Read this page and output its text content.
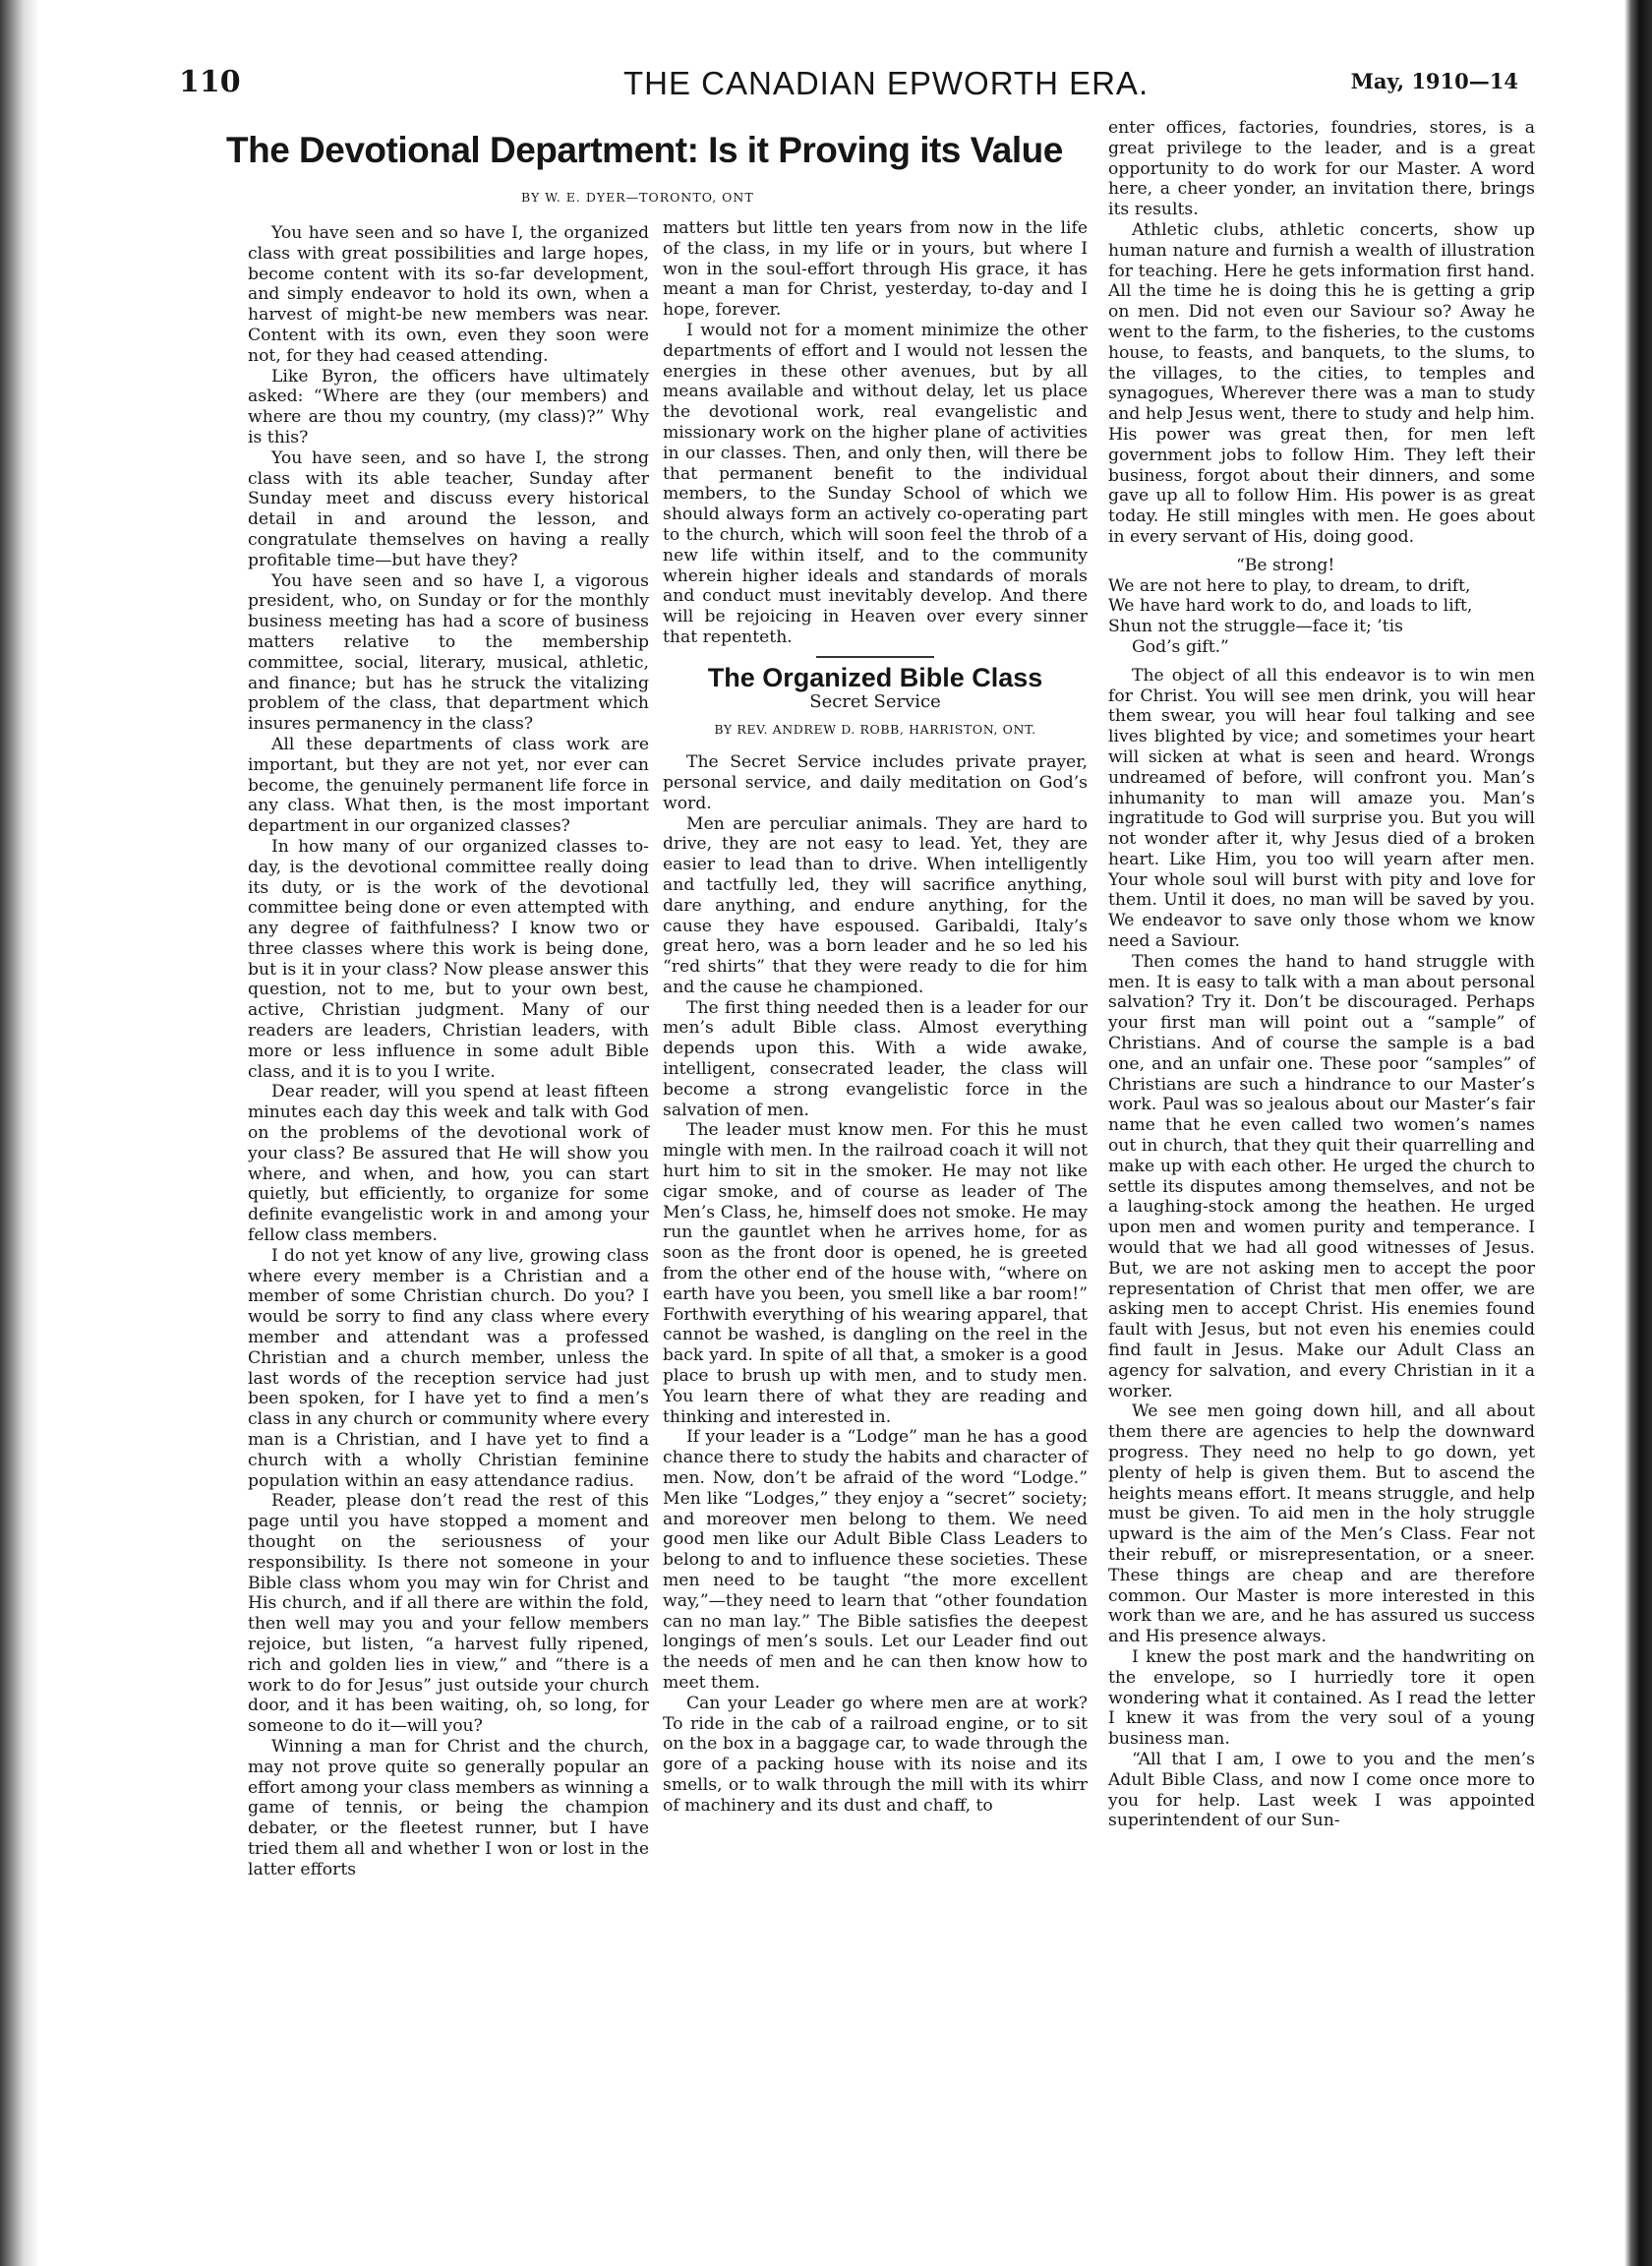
110	THE CANADIAN EPWORTH ERA.	May, 1910—14
The Devotional Department: Is it Proving its Value
BY W. E. DYER—TORONTO, ONT

You have seen and so have I, the organized class with great possibilities and large hopes, become content with its so-far development, and simply endeavor to hold its own, when a harvest of might-be new members was near. Content with its own, even they soon were not, for they had ceased attending.

Like Byron, the officers have ultimately asked: “Where are they (our members) and where are thou my country, (my class)?” Why is this?

You have seen, and so have I, the strong class with its able teacher, Sunday after Sunday meet and discuss every historical detail in and around the lesson, and congratulate themselves on having a really profitable time—but have they?

You have seen and so have I, a vigorous president, who, on Sunday or for the monthly business meeting has had a score of business matters relative to the membership committee, social, literary, musical, athletic, and finance; but has he struck the vitalizing problem of the class, that department which insures permanency in the class?

All these departments of class work are important, but they are not yet, nor ever can become, the genuinely permanent life force in any class. What then, is the most important department in our organized classes?

In how many of our organized classes to-day, is the devotional committee really doing its duty, or is the work of the devotional committee being done or even attempted with any degree of faithfulness? I know two or three classes where this work is being done, but is it in your class? Now please answer this question, not to me, but to your own best, active, Christian judgment. Many of our readers are leaders, Christian leaders, with more or less influence in some adult Bible class, and it is to you I write.

Dear reader, will you spend at least fifteen minutes each day this week and talk with God on the problems of the devotional work of your class? Be assured that He will show you where, and when, and how, you can start quietly, but efficiently, to organize for some definite evangelistic work in and among your fellow class members.

I do not yet know of any live, growing class where every member is a Christian and a member of some Christian church. Do you? I would be sorry to find any class where every member and attendant was a professed Christian and a church member, unless the last words of the reception service had just been spoken, for I have yet to find a men’s class in any church or community where every man is a Christian, and I have yet to find a church with a wholly Christian feminine population within an easy attendance radius.

Reader, please don’t read the rest of this page until you have stopped a moment and thought on the seriousness of your responsibility. Is there not someone in your Bible class whom you may win for Christ and His church, and if all there are within the fold, then well may you and your fellow members rejoice, but listen, “a harvest fully ripened, rich and golden lies in view,” and “there is a work to do for Jesus” just outside your church door, and it has been waiting, oh, so long, for someone to do it—will you?

Winning a man for Christ and the church, may not prove quite so generally popular an effort among your class members as winning a game of tennis, or being the champion debater, or the fleetest runner, but I have tried them all and whether I won or lost in the latter efforts

matters but little ten years from now in the life of the class, in my life or in yours, but where I won in the soul-effort through His grace, it has meant a man for Christ, yesterday, to-day and I hope, forever.

I would not for a moment minimize the other departments of effort and I would not lessen the energies in these other avenues, but by all means available and without delay, let us place the devotional work, real evangelistic and missionary work on the higher plane of activities in our classes. Then, and only then, will there be that permanent benefit to the individual members, to the Sunday School of which we should always form an actively co-operating part to the church, which will soon feel the throb of a new life within itself, and to the community wherein higher ideals and standards of morals and conduct must inevitably develop. And there will be rejoicing in Heaven over every sinner that repenteth.

The Organized Bible Class
Secret Service
BY REV. ANDREW D. ROBB, HARRISTON, ONT.

The Secret Service includes private prayer, personal service, and daily meditation on God’s word.

Men are perculiar animals. They are hard to drive, they are not easy to lead. Yet, they are easier to lead than to drive. When intelligently and tactfully led, they will sacrifice anything, dare anything, and endure anything, for the cause they have espoused. Garibaldi, Italy’s great hero, was a born leader and he so led his “red shirts” that they were ready to die for him and the cause he championed.

The first thing needed then is a leader for our men’s adult Bible class. Almost everything depends upon this. With a wide awake, intelligent, consecrated leader, the class will become a strong evangelistic force in the salvation of men.

The leader must know men. For this he must mingle with men. In the railroad coach it will not hurt him to sit in the smoker. He may not like cigar smoke, and of course as leader of The Men’s Class, he, himself does not smoke. He may run the gauntlet when he arrives home, for as soon as the front door is opened, he is greeted from the other end of the house with, “where on earth have you been, you smell like a bar room!” Forthwith everything of his wearing apparel, that cannot be washed, is dangling on the reel in the back yard. In spite of all that, a smoker is a good place to brush up with men, and to study men. You learn there of what they are reading and thinking and interested in.

If your leader is a “Lodge” man he has a good chance there to study the habits and character of men. Now, don’t be afraid of the word “Lodge.” Men like “Lodges,” they enjoy a “secret” society; and moreover men belong to them. We need good men like our Adult Bible Class Leaders to belong to and to influence these societies. These men need to be taught “the more excellent way,”—they need to learn that “other foundation can no man lay.” The Bible satisfies the deepest longings of men’s souls. Let our Leader find out the needs of men and he can then know how to meet them.

Can your Leader go where men are at work? To ride in the cab of a railroad engine, or to sit on the box in a baggage car, to wade through the gore of a packing house with its noise and its smells, or to walk through the mill with its whirr of machinery and its dust and chaff, to

enter offices, factories, foundries, stores, is a great privilege to the leader, and is a great opportunity to do work for our Master. A word here, a cheer yonder, an invitation there, brings its results.

Athletic clubs, athletic concerts, show up human nature and furnish a wealth of illustration for teaching. Here he gets information first hand. All the time he is doing this he is getting a grip on men. Did not even our Saviour so? Away he went to the farm, to the fisheries, to the customs house, to feasts, and banquets, to the slums, to the villages, to the cities, to temples and synagogues, Wherever there was a man to study and help Jesus went, there to study and help him. His power was great then, for men left government jobs to follow Him. They left their business, forgot about their dinners, and some gave up all to follow Him. His power is as great today. He still mingles with men. He goes about in every servant of His, doing good.

“Be strong!
We are not here to play, to dream, to drift,
We have hard work to do, and loads to lift,
Shun not the struggle—face it; ’tis
God’s gift.”

The object of all this endeavor is to win men for Christ. You will see men drink, you will hear them swear, you will hear foul talking and see lives blighted by vice; and sometimes your heart will sicken at what is seen and heard. Wrongs undreamed of before, will confront you. Man’s inhumanity to man will amaze you. Man’s ingratitude to God will surprise you. But you will not wonder after it, why Jesus died of a broken heart. Like Him, you too will yearn after men. Your whole soul will burst with pity and love for them. Until it does, no man will be saved by you. We endeavor to save only those whom we know need a Saviour.

Then comes the hand to hand struggle with men. It is easy to talk with a man about personal salvation? Try it. Don’t be discouraged. Perhaps your first man will point out a “sample” of Christians. And of course the sample is a bad one, and an unfair one. These poor “samples” of Christians are such a hindrance to our Master’s work. Paul was so jealous about our Master’s fair name that he even called two women’s names out in church, that they quit their quarrelling and make up with each other. He urged the church to settle its disputes among themselves, and not be a laughing-stock among the heathen. He urged upon men and women purity and temperance. I would that we had all good witnesses of Jesus. But, we are not asking men to accept the poor representation of Christ that men offer, we are asking men to accept Christ. His enemies found fault with Jesus, but not even his enemies could find fault in Jesus. Make our Adult Class an agency for salvation, and every Christian in it a worker.

We see men going down hill, and all about them there are agencies to help the downward progress. They need no help to go down, yet plenty of help is given them. But to ascend the heights means effort. It means struggle, and help must be given. To aid men in the holy struggle upward is the aim of the Men’s Class. Fear not their rebuff, or misrepresentation, or a sneer. These things are cheap and are therefore common. Our Master is more interested in this work than we are, and he has assured us success and His presence always.

I knew the post mark and the handwriting on the envelope, so I hurriedly tore it open wondering what it contained. As I read the letter I knew it was from the very soul of a young business man.

“All that I am, I owe to you and the men’s Adult Bible Class, and now I come once more to you for help. Last week I was appointed superintendent of our Sun-
